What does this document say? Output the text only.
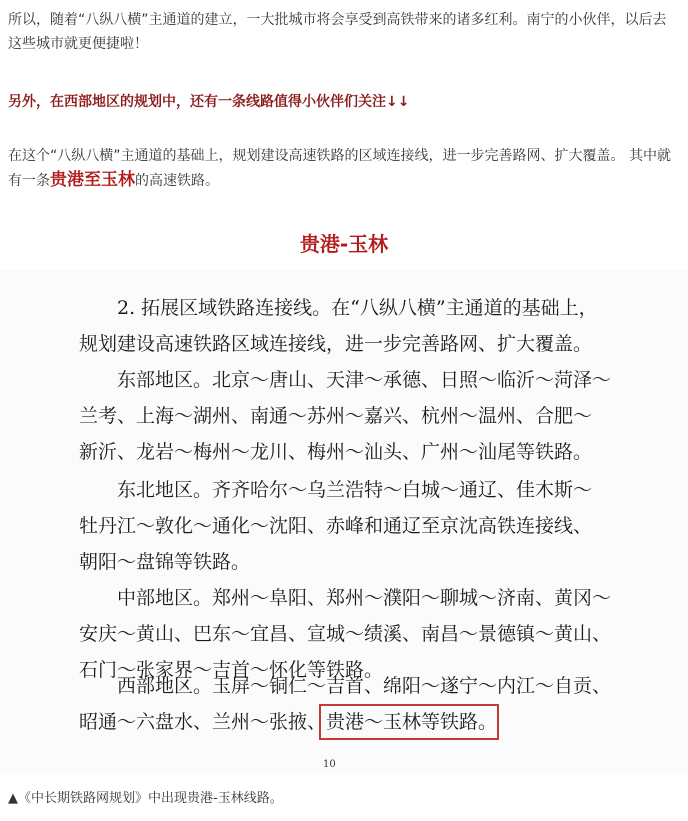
所以，随着“八纵八横”主通道的建立，一大批城市将会享受到高铁带来的诸多红利。南宁的小伙伴，以后去这些城市就更便捷啦！

另外，在西部地区的规划中，还有一条线路值得小伙伴们关注↓↓

在这个“八纵八横”主通道的基础上，规划建设高速铁路的区域连接线，进一步完善路网、扩大覆盖。 其中就有一条贵港至玉林的高速铁路。

贵港-玉林
2. 拓展区域铁路连接线。在“八纵八横”主通道的基础上，
规划建设高速铁路区域连接线，进一步完善路网、扩大覆盖。
东部地区。北京～唐山、天津～承德、日照～临沂～菏泽～
兰考、上海～湖州、南通～苏州～嘉兴、杭州～温州、合肥～
新沂、龙岩～梅州～龙川、梅州～汕头、广州～汕尾等铁路。
东北地区。齐齐哈尔～乌兰浩特～白城～通辽、佳木斯～
牡丹江～敦化～通化～沈阳、赤峰和通辽至京沈高铁连接线、
朝阳～盘锦等铁路。
中部地区。郑州～阜阳、郑州～濮阳～聊城～济南、黄冈～
安庆～黄山、巴东～宜昌、宣城～绩溪、南昌～景德镇～黄山、
石门～张家界～吉首～怀化等铁路。
西部地区。玉屏～铜仁～吉首、绵阳～遂宁～内江～自贡、
昭通～六盘水、兰州～张掖、贵港～玉林等铁路。
10
▲《中长期铁路网规划》中出现贵港-玉林线路。
